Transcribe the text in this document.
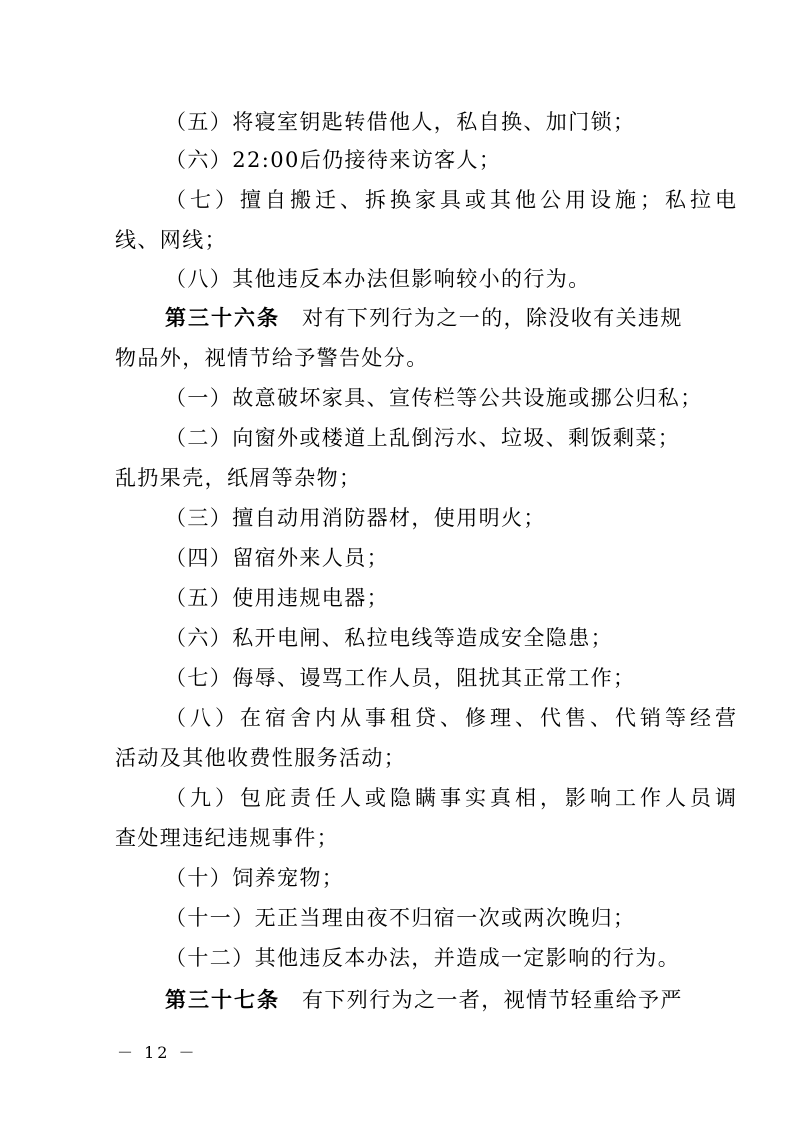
（五）将寝室钥匙转借他人，私自换、加门锁；
（六）22:00后仍接待来访客人；
（七）擅自搬迁、拆换家具或其他公用设施；私拉电
线、网线；
（八）其他违反本办法但影响较小的行为。
第三十六条 对有下列行为之一的，除没收有关违规
物品外，视情节给予警告处分。
（一）故意破坏家具、宣传栏等公共设施或挪公归私；
（二）向窗外或楼道上乱倒污水、垃圾、剩饭剩菜；
乱扔果壳，纸屑等杂物；
（三）擅自动用消防器材，使用明火；
（四）留宿外来人员；
（五）使用违规电器；
（六）私开电闸、私拉电线等造成安全隐患；
（七）侮辱、谩骂工作人员，阻扰其正常工作；
（八）在宿舍内从事租贷、修理、代售、代销等经营
活动及其他收费性服务活动；
（九）包庇责任人或隐瞒事实真相，影响工作人员调
查处理违纪违规事件；
（十）饲养宠物；
（十一）无正当理由夜不归宿一次或两次晚归；
（十二）其他违反本办法，并造成一定影响的行为。
第三十七条 有下列行为之一者，视情节轻重给予严
－ 12 －
